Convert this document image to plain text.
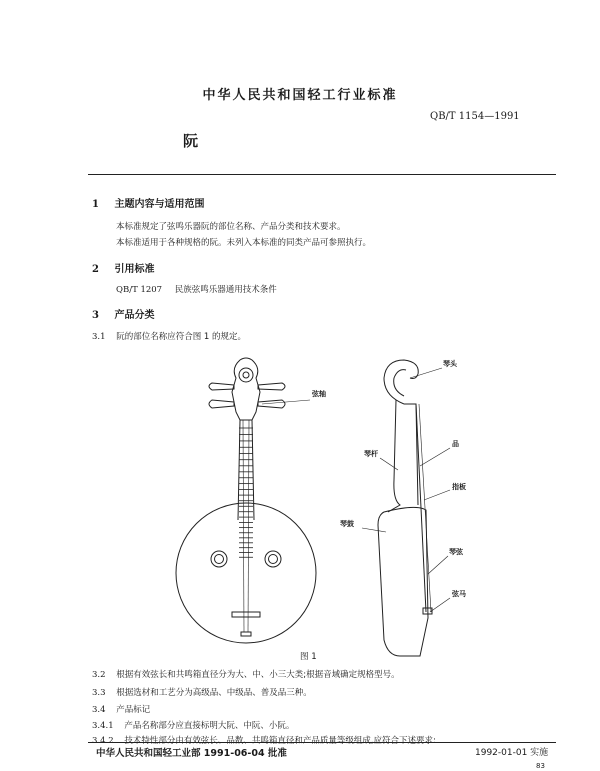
中华人民共和国轻工行业标准
QB/T 1154—1991
阮
1 主题内容与适用范围
本标准规定了弦鸣乐器阮的部位名称、产品分类和技术要求。
本标准适用于各种规格的阮。未列入本标准的同类产品可参照执行。
2 引用标准
QB/T 1207 民族弦鸣乐器通用技术条件
3 产品分类
3.1 阮的部位名称应符合图 1 的规定。
弦轴
琴头
品
琴杆
指板
琴鼓
琴弦
弦马
图 1
3.2 根据有效弦长和共鸣箱直径分为大、中、小三大类;根据音域确定规格型号。
3.3 根据选材和工艺分为高级品、中级品、普及品三种。
3.4 产品标记
3.4.1 产品名称部分应直接标明大阮、中阮、小阮。
3.4.2 技术特性部分由有效弦长、品数、共鸣箱直径和产品质量等级组成,应符合下述要求:
中华人民共和国轻工业部 1991-06-04 批准	1992-01-01 实施
83
